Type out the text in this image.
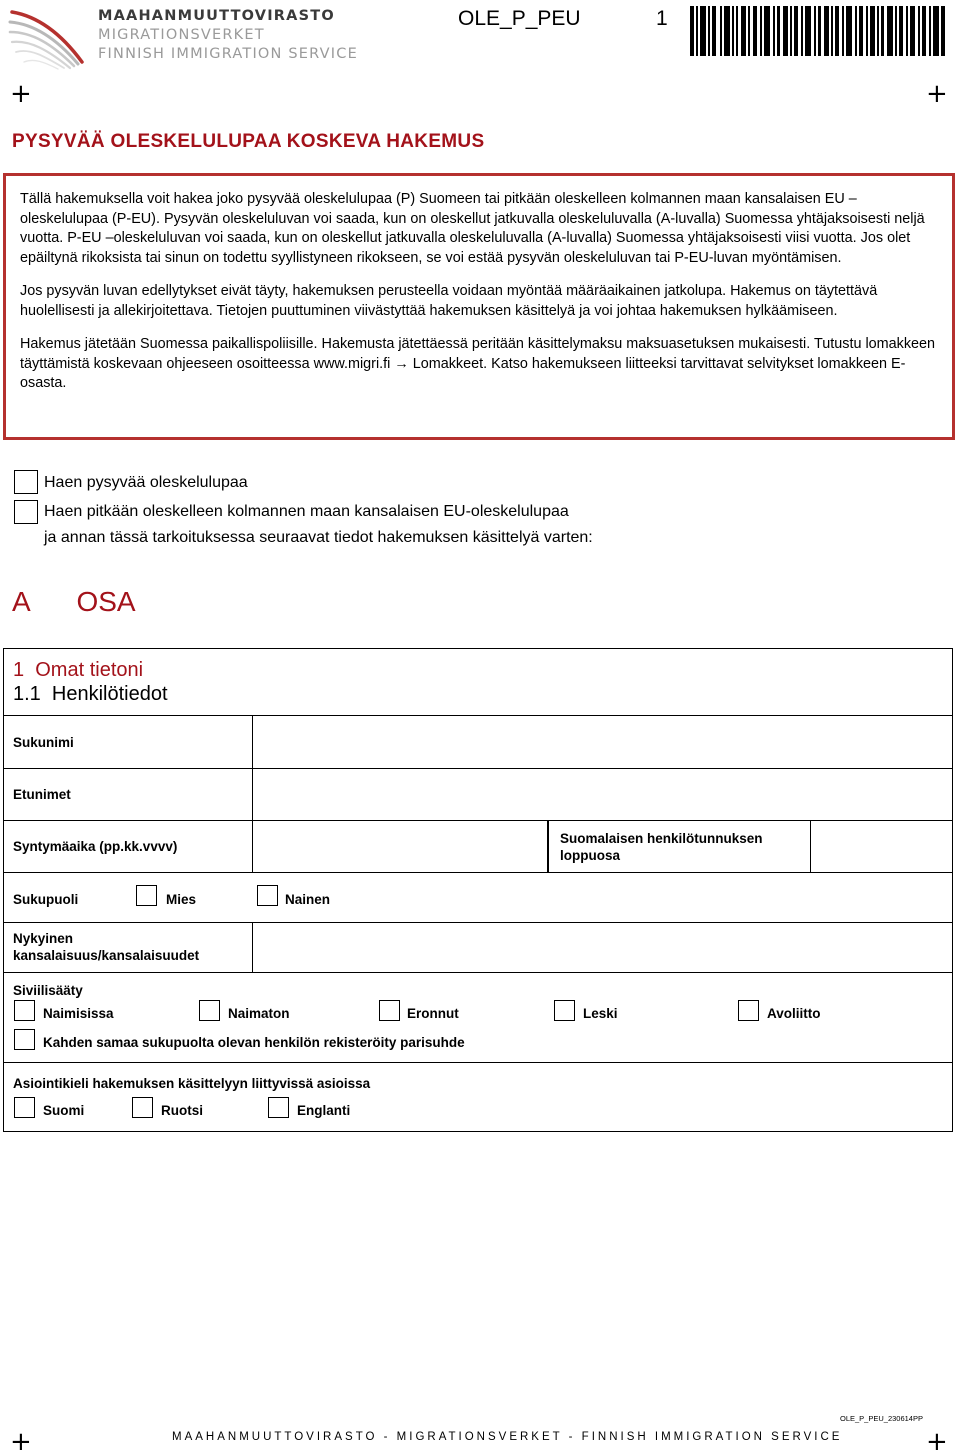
MAAHANMUUTTOVIRASTO
MIGRATIONSVERKET
FINNISH IMMIGRATION SERVICE
OLE_P_PEU	1
+	+
PYSYVÄÄ OLESKELULUPAA KOSKEVA HAKEMUS

Tällä hakemuksella voit hakea joko pysyvää oleskelulupaa (P) Suomeen tai pitkään oleskelleen kolmannen maan kansalaisen EU – oleskelulupaa (P-EU). Pysyvän oleskeluluvan voi saada, kun on oleskellut jatkuvalla oleskeluluvalla (A-luvalla) Suomessa yhtäjaksoisesti neljä vuotta. P-EU –oleskeluluvan voi saada, kun on oleskellut jatkuvalla oleskeluluvalla (A-luvalla) Suomessa yhtäjaksoisesti viisi vuotta. Jos olet epäiltynä rikoksista tai sinun on todettu syyllistyneen rikokseen, se voi estää pysyvän oleskeluluvan tai P-EU-luvan myöntämisen.

Jos pysyvän luvan edellytykset eivät täyty, hakemuksen perusteella voidaan myöntää määräaikainen jatkolupa. Hakemus on täytettävä huolellisesti ja allekirjoitettava. Tietojen puuttuminen viivästyttää hakemuksen käsittelyä ja voi johtaa hakemuksen hylkäämiseen.

Hakemus jätetään Suomessa paikallispoliisille. Hakemusta jätettäessä peritään käsittelymaksu maksuasetuksen mukaisesti. Tutustu lomakkeen täyttämistä koskevaan ohjeeseen osoitteessa www.migri.fi → Lomakkeet. Katso hakemukseen liitteeksi tarvittavat selvitykset lomakkeen E-osasta.

Haen pysyvää oleskelulupaa
Haen pitkään oleskelleen kolmannen maan kansalaisen EU-oleskelulupaa
ja annan tässä tarkoituksessa seuraavat tiedot hakemuksen käsittelyä varten:
A   OSA
1  Omat tietoni
1.1  Henkilötiedot
Sukunimi
Etunimet
Syntymäaika (pp.kk.vvvv)
Suomalaisen henkilötunnuksen loppuosa
Sukupuoli	Mies	Nainen
Nykyinen kansalaisuus/kansalaisuudet
Siviilisääty
Naimisissa	Naimaton	Eronnut	Leski	Avoliitto
Kahden samaa sukupuolta olevan henkilön rekisteröity parisuhde
Asiointikieli hakemuksen käsittelyyn liittyvissä asioissa
Suomi	Ruotsi	Englanti
+	+
OLE_P_PEU_230614PP
MAAHANMUUTTOVIRASTO - MIGRATIONSVERKET - FINNISH IMMIGRATION SERVICE
